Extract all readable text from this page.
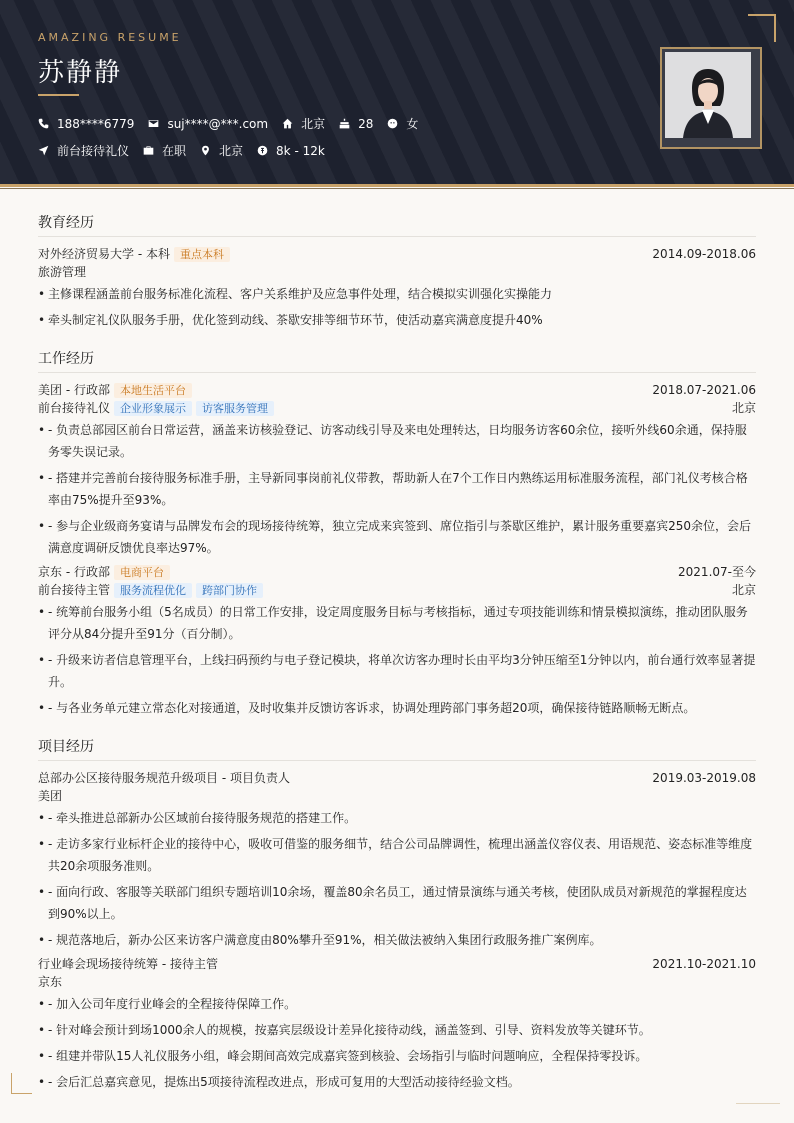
AMAZING RESUME
苏静静
188****6779	suj****@***.com	北京	28	女
前台接待礼仪	在职	北京	8k - 12k
教育经历
对外经济贸易大学 - 本科 重点本科	2014.09-2018.06
旅游管理
• 主修课程涵盖前台服务标准化流程、客户关系维护及应急事件处理，结合模拟实训强化实操能力
• 牵头制定礼仪队服务手册，优化签到动线、茶歇安排等细节环节，使活动嘉宾满意度提升40%
工作经历
美团 - 行政部 本地生活平台	2018.07-2021.06
前台接待礼仪 企业形象展示	访客服务管理	北京
• - 负责总部园区前台日常运营，涵盖来访核验登记、访客动线引导及来电处理转达，日均服务访客60余位，接听外线60余通，保持服务零失误记录。
• - 搭建并完善前台接待服务标准手册，主导新同事岗前礼仪带教，帮助新人在7个工作日内熟练运用标准服务流程，部门礼仪考核合格率由75%提升至93%。
• - 参与企业级商务宴请与品牌发布会的现场接待统筹，独立完成来宾签到、席位指引与茶歇区维护，累计服务重要嘉宾250余位，会后满意度调研反馈优良率达97%。
京东 - 行政部 电商平台	2021.07-至今
前台接待主管 服务流程优化	跨部门协作	北京
• - 统筹前台服务小组（5名成员）的日常工作安排，设定周度服务目标与考核指标，通过专项技能训练和情景模拟演练，推动团队服务评分从84分提升至91分（百分制）。
• - 升级来访者信息管理平台，上线扫码预约与电子登记模块，将单次访客办理时长由平均3分钟压缩至1分钟以内，前台通行效率显著提升。
• - 与各业务单元建立常态化对接通道，及时收集并反馈访客诉求，协调处理跨部门事务超20项，确保接待链路顺畅无断点。
项目经历
总部办公区接待服务规范升级项目 - 项目负责人	2019.03-2019.08
美团
• - 牵头推进总部新办公区域前台接待服务规范的搭建工作。
• - 走访多家行业标杆企业的接待中心，吸收可借鉴的服务细节，结合公司品牌调性，梳理出涵盖仪容仪表、用语规范、姿态标准等维度共20余项服务准则。
• - 面向行政、客服等关联部门组织专题培训10余场，覆盖80余名员工，通过情景演练与通关考核，使团队成员对新规范的掌握程度达到90%以上。
• - 规范落地后，新办公区来访客户满意度由80%攀升至91%，相关做法被纳入集团行政服务推广案例库。
行业峰会现场接待统筹 - 接待主管	2021.10-2021.10
京东
• - 加入公司年度行业峰会的全程接待保障工作。
• - 针对峰会预计到场1000余人的规模，按嘉宾层级设计差异化接待动线，涵盖签到、引导、资料发放等关键环节。
• - 组建并带队15人礼仪服务小组，峰会期间高效完成嘉宾签到核验、会场指引与临时问题响应，全程保持零投诉。
• - 会后汇总嘉宾意见，提炼出5项接待流程改进点，形成可复用的大型活动接待经验文档。
